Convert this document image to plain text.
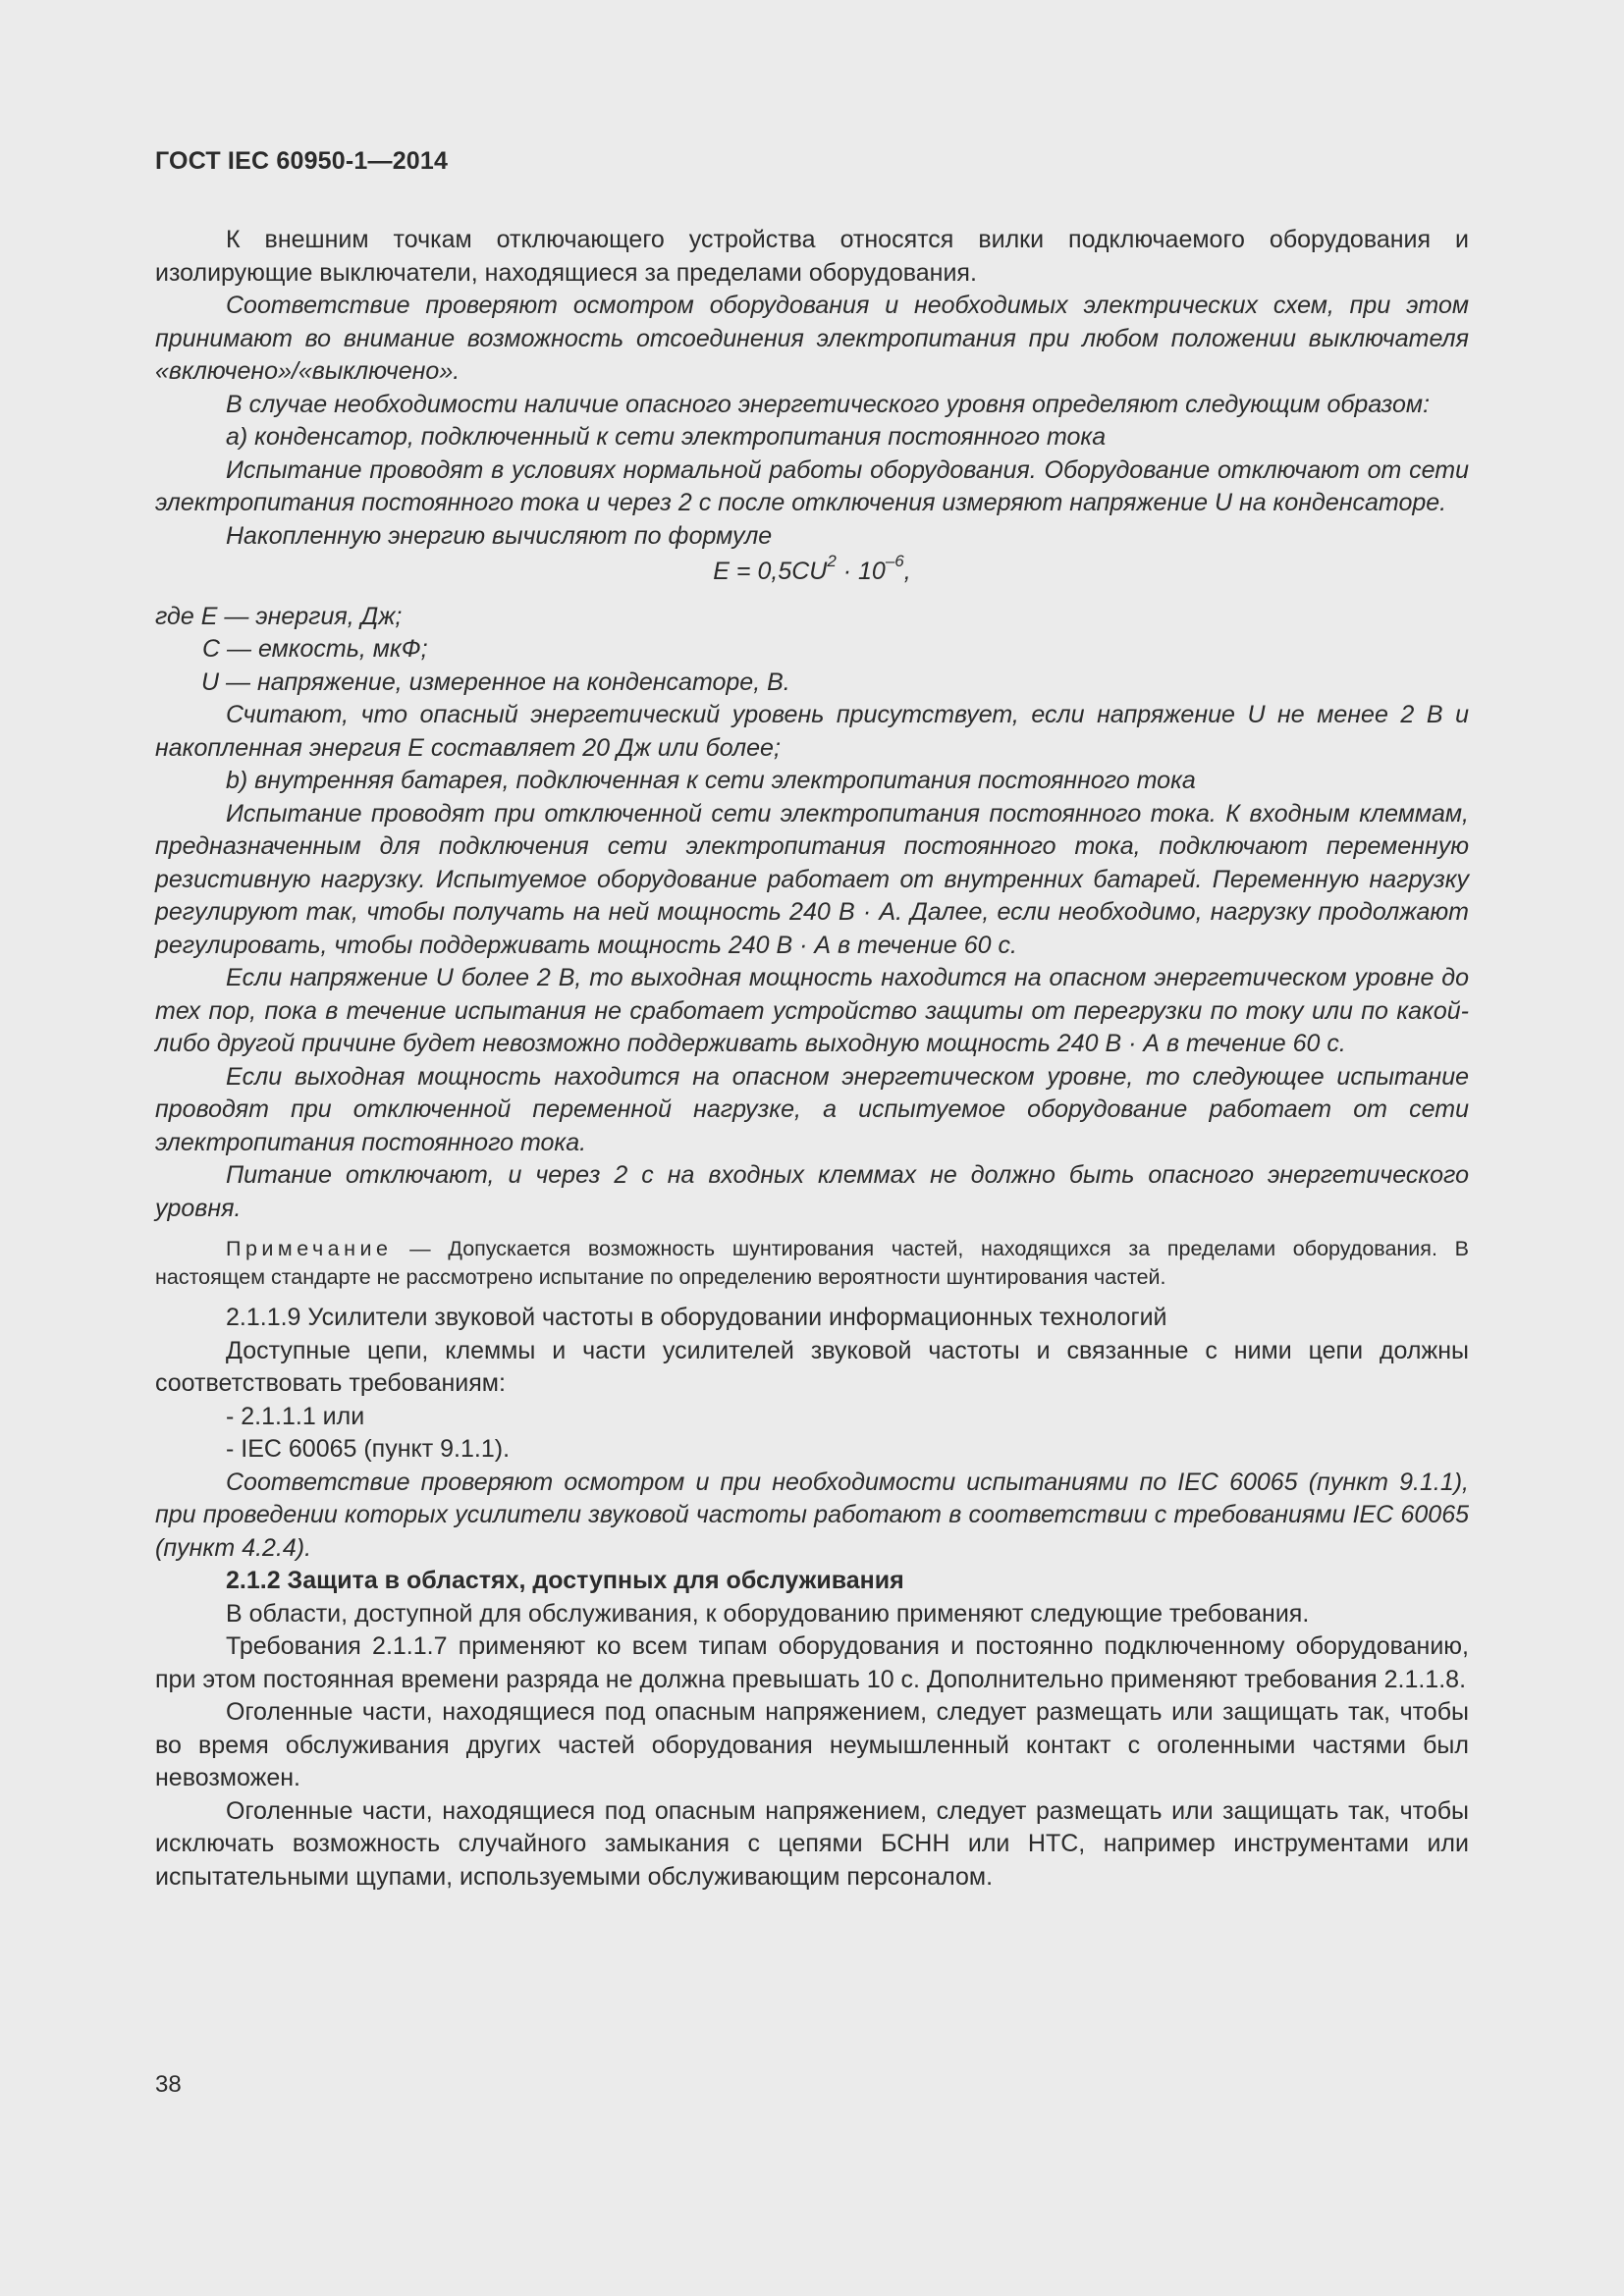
ГОСТ IEC 60950-1—2014

К внешним точкам отключающего устройства относятся вилки подключаемого оборудования и изолирующие выключатели, находящиеся за пределами оборудования.

Соответствие проверяют осмотром оборудования и необходимых электрических схем, при этом принимают во внимание возможность отсоединения электропитания при любом положении выключателя «включено»/«выключено».

В случае необходимости наличие опасного энергетического уровня определяют следующим образом:

а) конденсатор, подключенный к сети электропитания постоянного тока

Испытание проводят в условиях нормальной работы оборудования. Оборудование отключают от сети электропитания постоянного тока и через 2 с после отключения измеряют напряжение U на конденсаторе.

Накопленную энергию вычисляют по формуле

$E = 0,5CU^2 \cdot 10^{-6}$,

где E — энергия, Дж;

C — емкость, мкФ;

U — напряжение, измеренное на конденсаторе, В.

Считают, что опасный энергетический уровень присутствует, если напряжение U не менее 2 В и накопленная энергия E составляет 20 Дж или более;

b) внутренняя батарея, подключенная к сети электропитания постоянного тока

Испытание проводят при отключенной сети электропитания постоянного тока. К входным клеммам, предназначенным для подключения сети электропитания постоянного тока, подключают переменную резистивную нагрузку. Испытуемое оборудование работает от внутренних батарей. Переменную нагрузку регулируют так, чтобы получать на ней мощность 240 В · А. Далее, если необходимо, нагрузку продолжают регулировать, чтобы поддерживать мощность 240 В · А в течение 60 с.

Если напряжение U более 2 В, то выходная мощность находится на опасном энергетическом уровне до тех пор, пока в течение испытания не сработает устройство защиты от перегрузки по току или по какой-либо другой причине будет невозможно поддерживать выходную мощность 240 В · А в течение 60 с.

Если выходная мощность находится на опасном энергетическом уровне, то следующее испытание проводят при отключенной переменной нагрузке, а испытуемое оборудование работает от сети электропитания постоянного тока.

Питание отключают, и через 2 с на входных клеммах не должно быть опасного энергетического уровня.

Примечание — Допускается возможность шунтирования частей, находящихся за пределами оборудования. В настоящем стандарте не рассмотрено испытание по определению вероятности шунтирования частей.

2.1.1.9 Усилители звуковой частоты в оборудовании информационных технологий

Доступные цепи, клеммы и части усилителей звуковой частоты и связанные с ними цепи должны соответствовать требованиям:

- 2.1.1.1 или

- IEC 60065 (пункт 9.1.1).

Соответствие проверяют осмотром и при необходимости испытаниями по IEC 60065 (пункт 9.1.1), при проведении которых усилители звуковой частоты работают в соответствии с требованиями IEC 60065 (пункт 4.2.4).

2.1.2 Защита в областях, доступных для обслуживания

В области, доступной для обслуживания, к оборудованию применяют следующие требования.

Требования 2.1.1.7 применяют ко всем типам оборудования и постоянно подключенному оборудованию, при этом постоянная времени разряда не должна превышать 10 с. Дополнительно применяют требования 2.1.1.8.

Оголенные части, находящиеся под опасным напряжением, следует размещать или защищать так, чтобы во время обслуживания других частей оборудования неумышленный контакт с оголенными частями был невозможен.

Оголенные части, находящиеся под опасным напряжением, следует размещать или защищать так, чтобы исключать возможность случайного замыкания с цепями БСНН или НТС, например инструментами или испытательными щупами, используемыми обслуживающим персоналом.

38
